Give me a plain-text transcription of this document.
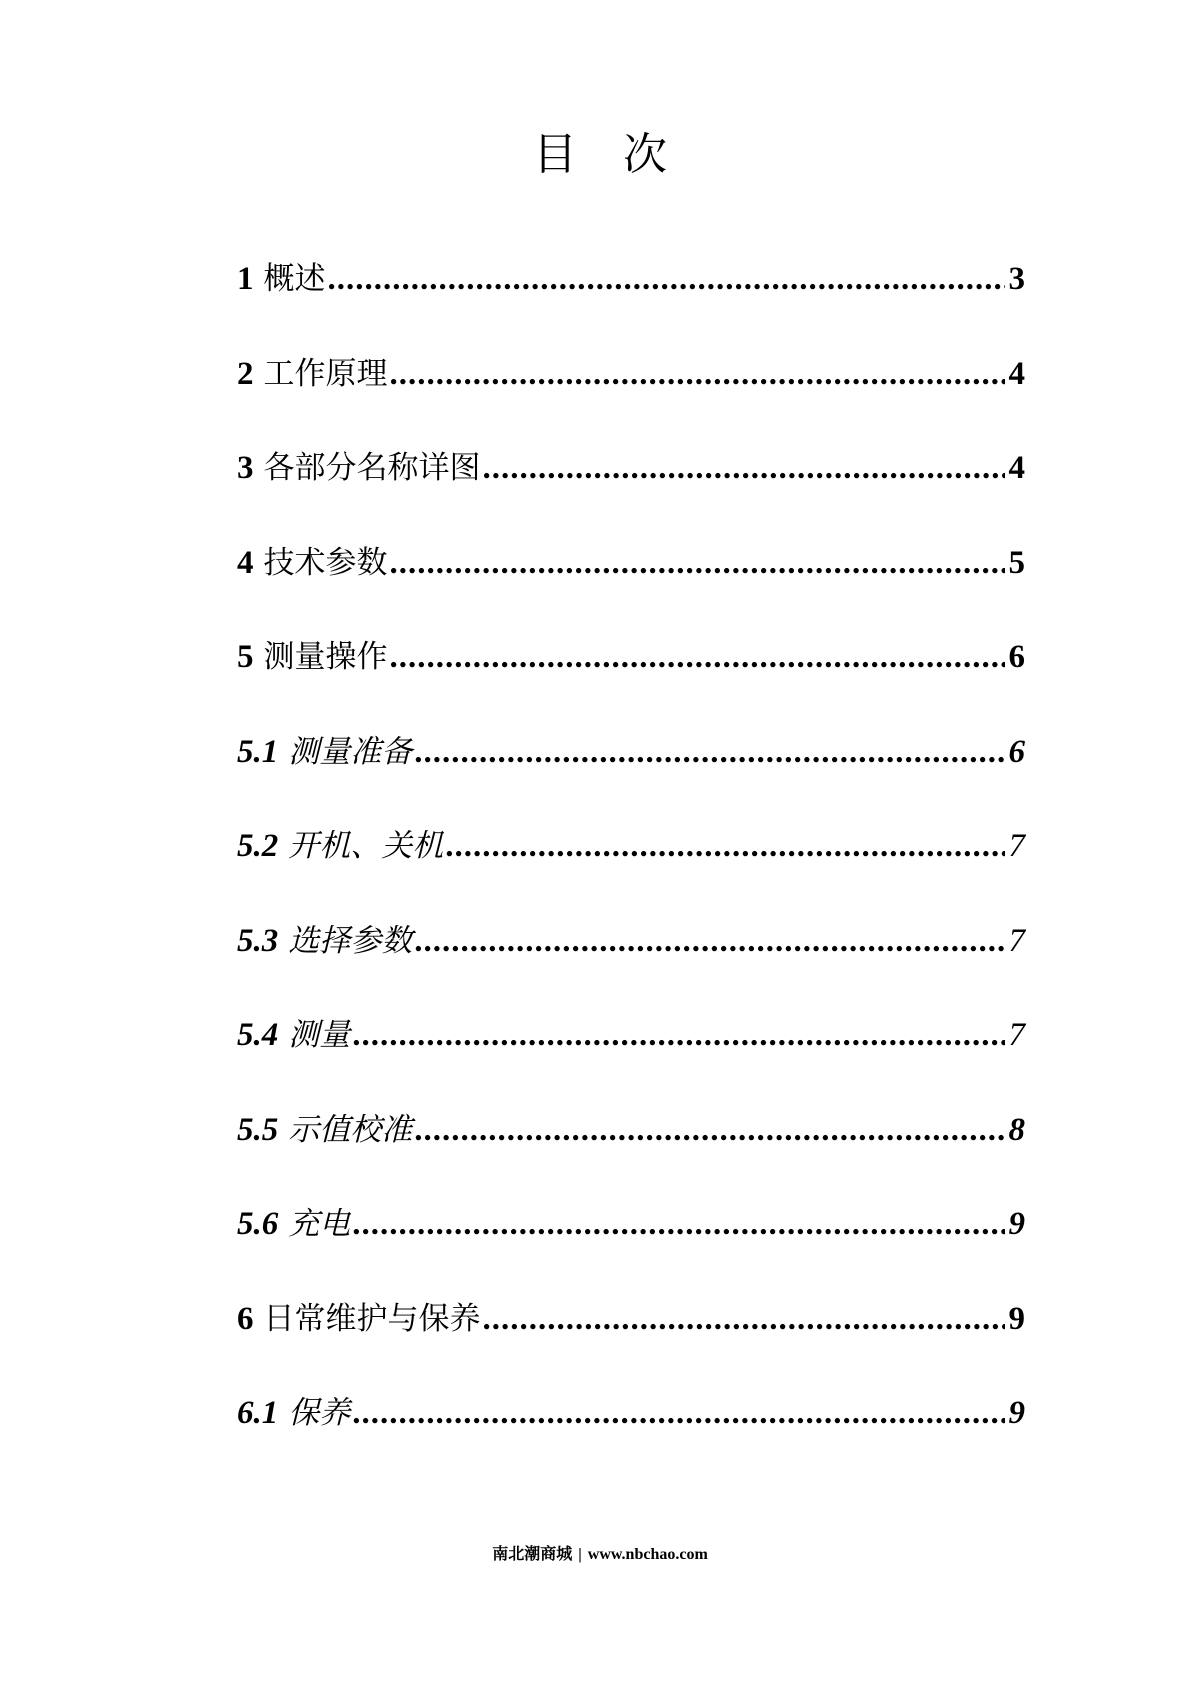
目 次
1 概述 .....	3
2 工作原理 .....	4
3 各部分名称详图 .....	4
4 技术参数 .....	5
5 测量操作 .....	6
5.1 测量准备 .....	6
5.2 开机、关机 .....	7
5.3 选择参数 .....	7
5.4 测量 .....	7
5.5 示值校准 .....	8
5.6 充电 .....	9
6 日常维护与保养 .....	9
6.1 保养 .....	9
南北潮商城 | www.nbchao.com
